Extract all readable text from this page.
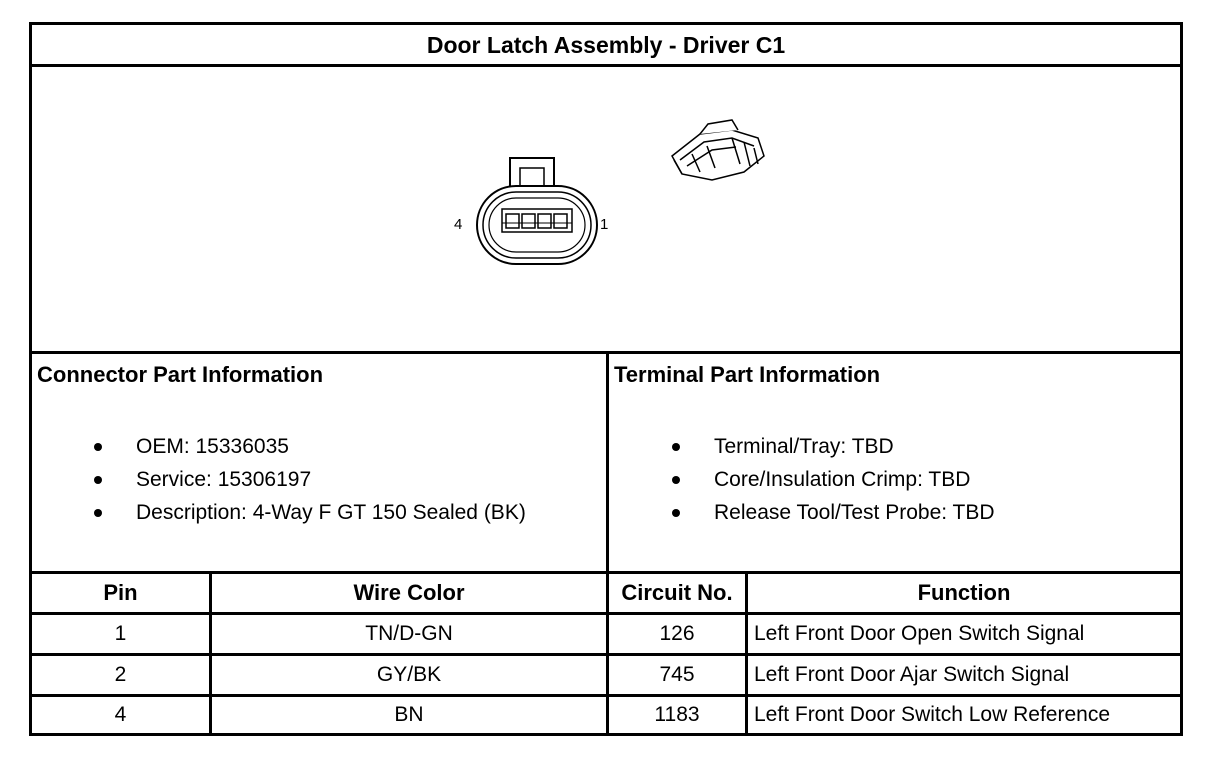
Door Latch Assembly - Driver C1
4	1
Connector Part Information
OEM: 15336035
Service: 15306197
Description: 4-Way F GT 150 Sealed (BK)
Terminal Part Information
Terminal/Tray: TBD
Core/Insulation Crimp: TBD
Release Tool/Test Probe: TBD
Pin	Wire Color	Circuit No.	Function
1	TN/D-GN	126	Left Front Door Open Switch Signal
2	GY/BK	745	Left Front Door Ajar Switch Signal
4	BN	1183	Left Front Door Switch Low Reference
